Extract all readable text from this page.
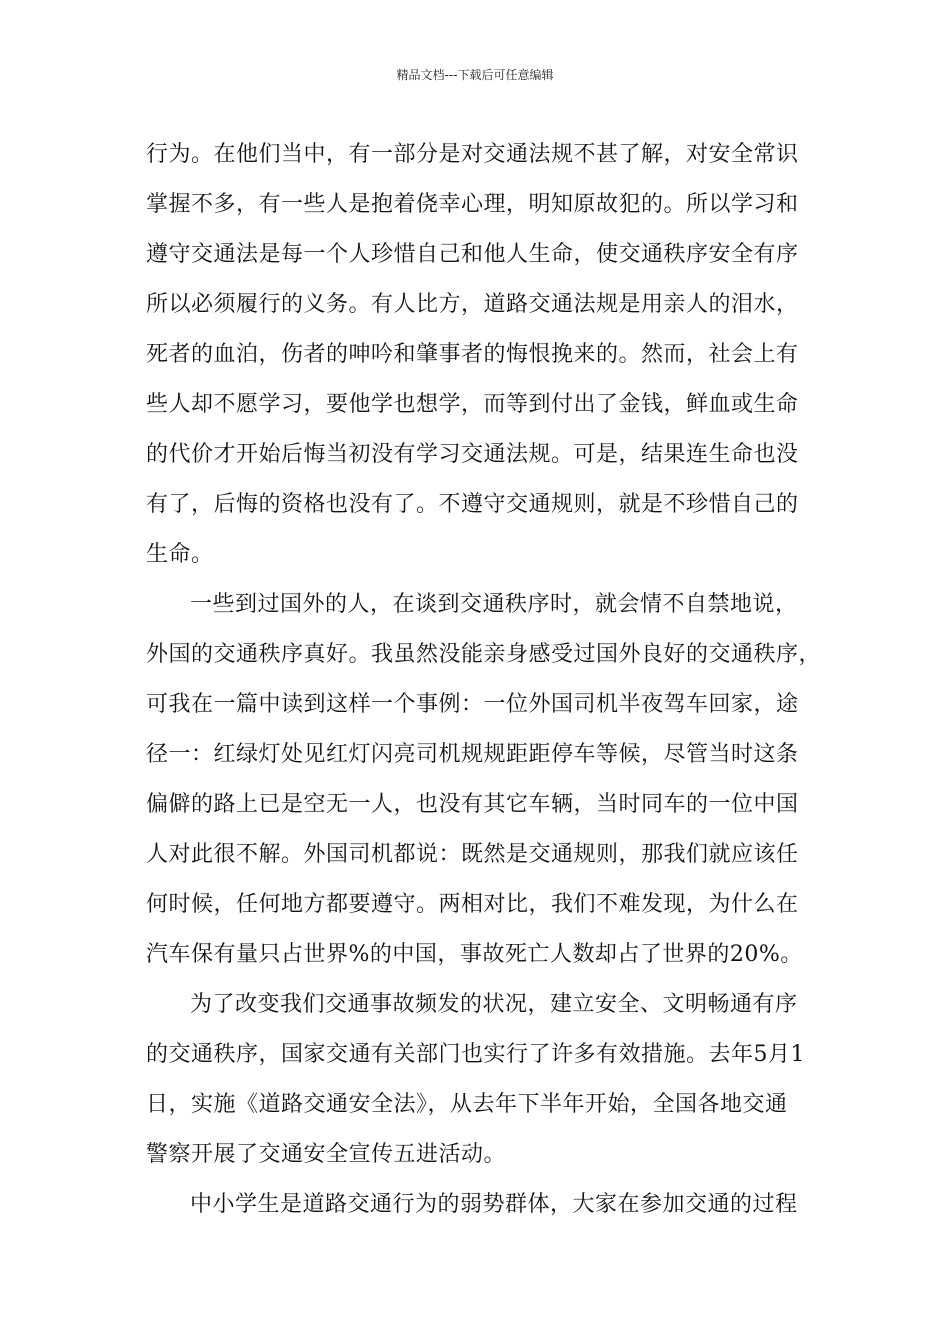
精品文档---下载后可任意编辑
行为。在他们当中，有一部分是对交通法规不甚了解，对安全常识
掌握不多，有一些人是抱着侥幸心理，明知原故犯的。所以学习和
遵守交通法是每一个人珍惜自己和他人生命，使交通秩序安全有序
所以必须履行的义务。有人比方，道路交通法规是用亲人的泪水，
死者的血泊，伤者的呻吟和肇事者的悔恨挽来的。然而，社会上有
些人却不愿学习，要他学也想学，而等到付出了金钱，鲜血或生命
的代价才开始后悔当初没有学习交通法规。可是，结果连生命也没
有了，后悔的资格也没有了。不遵守交通规则，就是不珍惜自己的
生命。
一些到过国外的人，在谈到交通秩序时，就会情不自禁地说，
外国的交通秩序真好。我虽然没能亲身感受过国外良好的交通秩序，
可我在一篇中读到这样一个事例：一位外国司机半夜驾车回家，途
径一：红绿灯处见红灯闪亮司机规规距距停车等候，尽管当时这条
偏僻的路上已是空无一人，也没有其它车辆，当时同车的一位中国
人对此很不解。外国司机都说：既然是交通规则，那我们就应该任
何时候，任何地方都要遵守。两相对比，我们不难发现，为什么在
汽车保有量只占世界%的中国，事故死亡人数却占了世界的20%。
为了改变我们交通事故频发的状况，建立安全、文明畅通有序
的交通秩序，国家交通有关部门也实行了许多有效措施。去年5月1
日，实施《道路交通安全法》，从去年下半年开始，全国各地交通
警察开展了交通安全宣传五进活动。
中小学生是道路交通行为的弱势群体，大家在参加交通的过程
